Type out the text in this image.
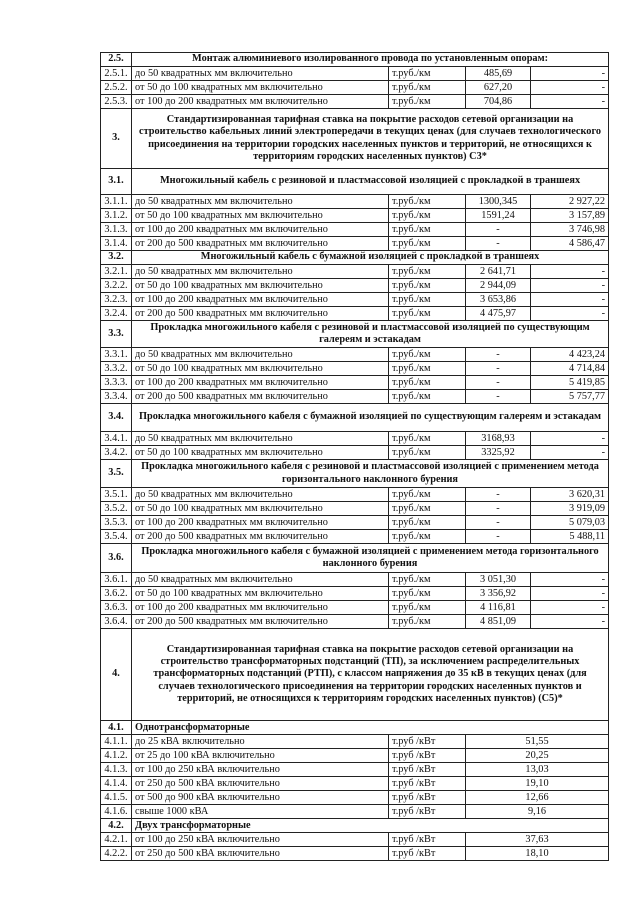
2.5.	Монтаж алюминиевого изолированного провода по установленным опорам:			
2.5.1.	до 50 квадратных мм включительно	т.руб./км	485,69	-
2.5.2.	от 50 до 100 квадратных мм включительно	т.руб./км	627,20	-
2.5.3.	от 100 до 200 квадратных мм включительно	т.руб./км	704,86	-
3.	Стандартизированная тарифная ставка на покрытие расходов сетевой организации на строительство кабельных линий электропередачи в текущих ценах (для случаев технологического присоединения на территории городских населенных пунктов и территорий, не относящихся к территориям городских населенных пунктов) С3*			
3.1.	Многожильный кабель с резиновой и пластмассовой изоляцией с прокладкой в траншеях			
3.1.1.	до 50 квадратных мм включительно	т.руб./км	1300,345	2 927,22
3.1.2.	от 50 до 100 квадратных мм включительно	т.руб./км	1591,24	3 157,89
3.1.3.	от 100 до 200 квадратных мм включительно	т.руб./км	-	3 746,98
3.1.4.	от 200 до 500 квадратных мм включительно	т.руб./км	-	4 586,47
3.2.	Многожильный кабель с бумажной изоляцией с прокладкой в траншеях			
3.2.1.	до 50 квадратных мм включительно	т.руб./км	2 641,71	-
3.2.2.	от 50 до 100 квадратных мм включительно	т.руб./км	2 944,09	-
3.2.3.	от 100 до 200 квадратных мм включительно	т.руб./км	3 653,86	-
3.2.4.	от 200 до 500 квадратных мм включительно	т.руб./км	4 475,97	-
3.3.	Прокладка многожильного кабеля с резиновой и пластмассовой изоляцией по существующим галереям и эстакадам			
3.3.1.	до 50 квадратных мм включительно	т.руб./км	-	4 423,24
3.3.2.	от 50 до 100 квадратных мм включительно	т.руб./км	-	4 714,84
3.3.3.	от 100 до 200 квадратных мм включительно	т.руб./км	-	5 419,85
3.3.4.	от 200 до 500 квадратных мм включительно	т.руб./км	-	5 757,77
3.4.	Прокладка многожильного кабеля с бумажной изоляцией по существующим галереям и эстакадам			
3.4.1.	до 50 квадратных мм включительно	т.руб./км	3168,93	-
3.4.2.	от 50 до 100 квадратных мм включительно	т.руб./км	3325,92	-
3.5.	Прокладка многожильного кабеля с резиновой и пластмассовой изоляцией с применением метода горизонтального наклонного бурения			
3.5.1.	до 50 квадратных мм включительно	т.руб./км	-	3 620,31
3.5.2.	от 50 до 100 квадратных мм включительно	т.руб./км	-	3 919,09
3.5.3.	от 100 до 200 квадратных мм включительно	т.руб./км	-	5 079,03
3.5.4.	от 200 до 500 квадратных мм включительно	т.руб./км	-	5 488,11
3.6.	Прокладка многожильного кабеля с бумажной изоляцией с применением метода горизонтального наклонного бурения			
3.6.1.	до 50 квадратных мм включительно	т.руб./км	3 051,30	-
3.6.2.	от 50 до 100 квадратных мм включительно	т.руб./км	3 356,92	-
3.6.3.	от 100 до 200 квадратных мм включительно	т.руб./км	4 116,81	-
3.6.4.	от 200 до 500 квадратных мм включительно	т.руб./км	4 851,09	-
4.	Стандартизированная тарифная ставка на покрытие расходов сетевой организации на строительство трансформаторных подстанций (ТП), за исключением распределительных трансформаторных подстанций (РТП), с классом напряжения до 35 кВ в текущих ценах (для случаев технологического присоединения на территории городских населенных пунктов и территорий, не относящихся к территориям городских населенных пунктов) (С5)*			
4.1.	Однотрансформаторные			
4.1.1.	до 25 кВА включительно	т.руб /кВт	51,55	
4.1.2.	от 25 до 100 кВА включительно	т.руб /кВт	20,25	
4.1.3.	от 100 до 250 кВА включительно	т.руб /кВт	13,03	
4.1.4.	от 250 до 500 кВА включительно	т.руб /кВт	19,10	
4.1.5.	от 500 до 900 кВА включительно	т.руб /кВт	12,66	
4.1.6.	свыше 1000 кВА	т.руб /кВт	9,16	
4.2.	Двух трансформаторные			
4.2.1.	от 100 до 250 кВА включительно	т.руб /кВт	37,63	
4.2.2.	от 250 до 500 кВА включительно	т.руб /кВт	18,10	
